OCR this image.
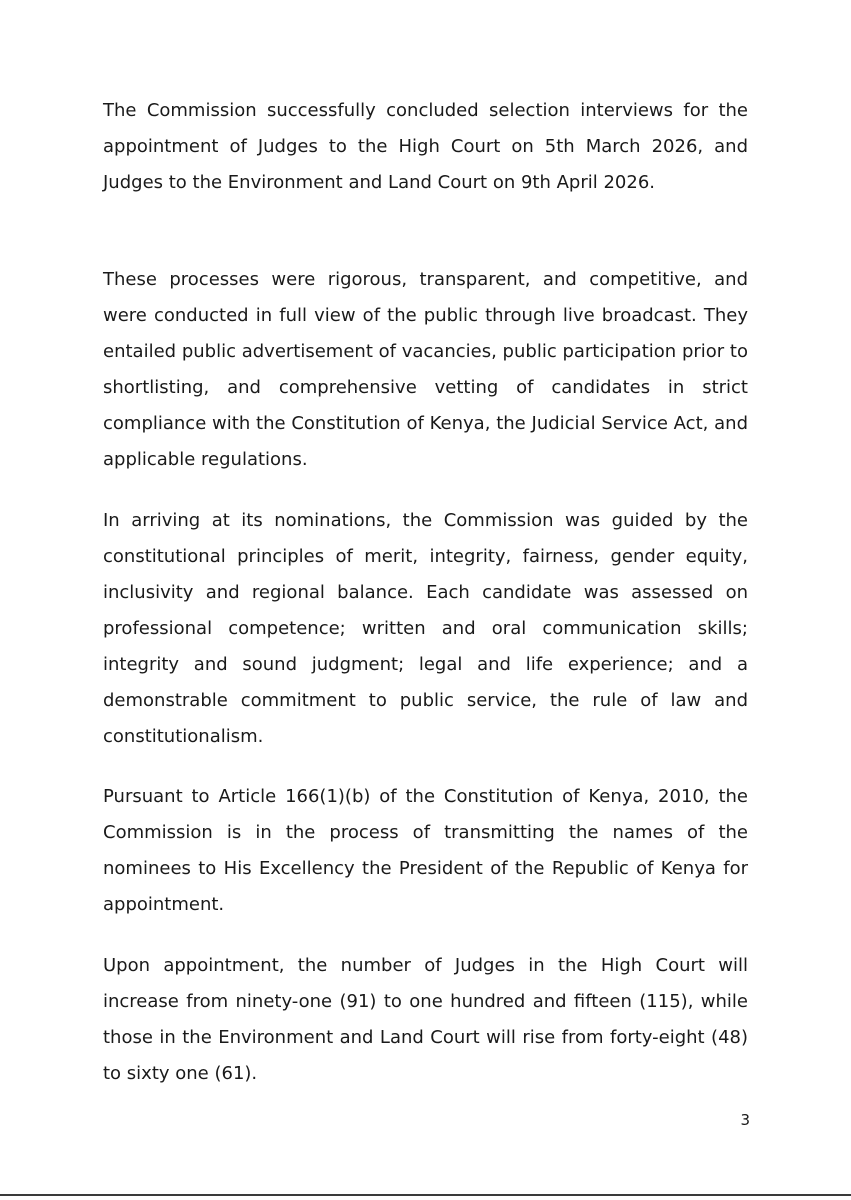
The Commission successfully concluded selection interviews for the appointment of Judges to the High Court on 5th March 2026, and Judges to the Environment and Land Court on 9th April 2026.

These processes were rigorous, transparent, and competitive, and were conducted in full view of the public through live broadcast. They entailed public advertisement of vacancies, public participation prior to shortlisting, and comprehensive vetting of candidates in strict compliance with the Constitution of Kenya, the Judicial Service Act, and applicable regulations.

In arriving at its nominations, the Commission was guided by the constitutional principles of merit, integrity, fairness, gender equity, inclusivity and regional balance. Each candidate was assessed on professional competence; written and oral communication skills; integrity and sound judgment; legal and life experience; and a demonstrable commitment to public service, the rule of law and constitutionalism.

Pursuant to Article 166(1)(b) of the Constitution of Kenya, 2010, the Commission is in the process of transmitting the names of the nominees to His Excellency the President of the Republic of Kenya for appointment.

Upon appointment, the number of Judges in the High Court will increase from ninety-one (91) to one hundred and fifteen (115), while those in the Environment and Land Court will rise from forty-eight (48) to sixty one (61).

3
